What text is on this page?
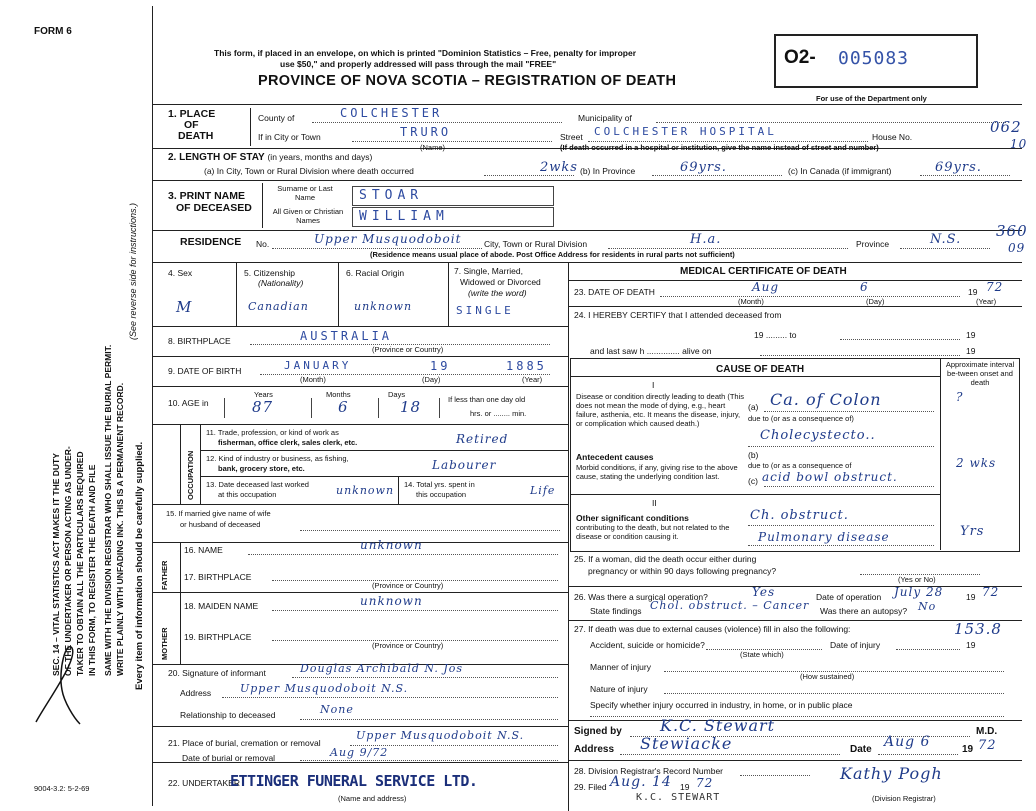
FORM 6
This form, if placed in an envelope, on which is printed "Dominion Statistics – Free, penalty for improper
use $50," and properly addressed will pass through the mail "FREE"
PROVINCE OF NOVA SCOTIA – REGISTRATION OF DEATH
O2- 005083
For use of the Department only
SEC. 14 – VITAL STATISTICS ACT MAKES IT THE DUTY OF THE UNDERTAKER OR PERSON ACTING AS UNDER- TAKER TO OBTAIN ALL THE PARTICULARS REQUIRED IN THIS FORM, TO REGISTER THE DEATH AND FILE SAME WITH THE DIVISION REGISTRAR WHO SHALL ISSUE THE BURIAL PERMIT. WRITE PLAINLY WITH UNFADING INK. THIS IS A PERMANENT RECORD.
(See reverse side for instructions.)
Every item of information should be carefully supplied.
9004-3.2: 5-2-69
1. PLACE
OF
DEATH
County of	COLCHESTER	Municipality of
If in City or Town	TRURO
(Name)
Street COLCHESTER HOSPITAL	House No.
(If death occurred in a hospital or institution, give the name instead of street and number)
062
10
2. LENGTH OF STAY (in years, months and days)
(a) In City, Town or Rural Division where death occurred	2wks (b) In Province	69yrs.	(c) In Canada (if immigrant)	69yrs.
3. PRINT NAME
OF DECEASED
Surname or Last Name
All Given or Christian Names
STOAR
WILLIAM
RESIDENCE No.	Upper Musquodoboit	City, Town or Rural Division	H.a.	Province	N.S.
(Residence means usual place of abode. Post Office Address for residents in rural parts not sufficient)
360
09
4. Sex
M
5. Citizenship
(Nationality)
Canadian
6. Racial Origin
unknown
7. Single, Married,
Widowed or Divorced
(write the word)
SINGLE
8. BIRTHPLACE	AUSTRALIA
(Province or Country)
9. DATE OF BIRTH	JANUARY	19	1885
(Month)	(Day)	(Year)
10. AGE in
Years	Months	Days
87	6	18	If less than one day old
hrs. or ........ min.
OCCUPATION
11. Trade, profession, or kind of work as
fisherman, office clerk, sales clerk, etc.	Retired
12. Kind of industry or business, as fishing,
bank, grocery store, etc.	Labourer
13. Date deceased last worked
at this occupation	unknown 14. Total yrs. spent in
this occupation	Life
15. If married give name of wife
or husband of deceased
FATHER
16. NAME	unknown
17. BIRTHPLACE
(Province or Country)
MOTHER
18. MAIDEN NAME	unknown
19. BIRTHPLACE
(Province or Country)
20. Signature of informant	Douglas Archibald N. Jos
Address	Upper Musquodoboit N.S.
Relationship to deceased	None
21. Place of burial, cremation or removal
Date of burial or removal
Upper Musquodoboit N.S.
Aug 9/72
22. UNDERTAKER
ETTINGER FUNERAL SERVICE LTD.
(Name and address)
MEDICAL CERTIFICATE OF DEATH
23. DATE OF DEATH	Aug	6	19 72
(Month)	(Day)	(Year)
24. I HEREBY CERTIFY that I attended deceased from
19 ......... to	19
and last saw h .............. alive on	19
CAUSE OF DEATH	Approximate interval be-tween onset and death
I
Disease or condition directly leading to death (This does not mean the mode of dying, e.g., heart failure, asthenia, etc. It means the disease, injury, or complication which caused death.)
(a) Ca. of Colon	?
due to (or as a consequence of)
Cholecystecto..
Antecedent causes
Morbid conditions, if any, giving rise to the above cause, stating the underlying condition last.
(b)
due to (or as a consequence of	2 wks
(c) acid bowl obstruct.
II
Other significant conditions
contributing to the death, but not related to the disease or condition causing it.
Ch. obstruct.
Pulmonary disease	Yrs
25. If a woman, did the death occur either during
pregnancy or within 90 days following pregnancy?
(Yes or No)
26. Was there a surgical operation?	Yes	Date of operation July 28	19 72
State findings Chol. obstruct. – Cancer Was there an autopsy? No
27. If death was due to external causes (violence) fill in also the following:	153.8
Accident, suicide or homicide?
(State which)
Date of injury	19
Manner of injury
(How sustained)
Nature of injury
Specify whether injury occurred in industry, in home, or in public place
Signed by K.C. Stewart	M.D.
Address Stewiacke	Date Aug 6	19 72
28. Division Registrar's Record Number
29. Filed Aug. 14 19 72
K.C. STEWART
Kathy Pogh
(Division Registrar)
